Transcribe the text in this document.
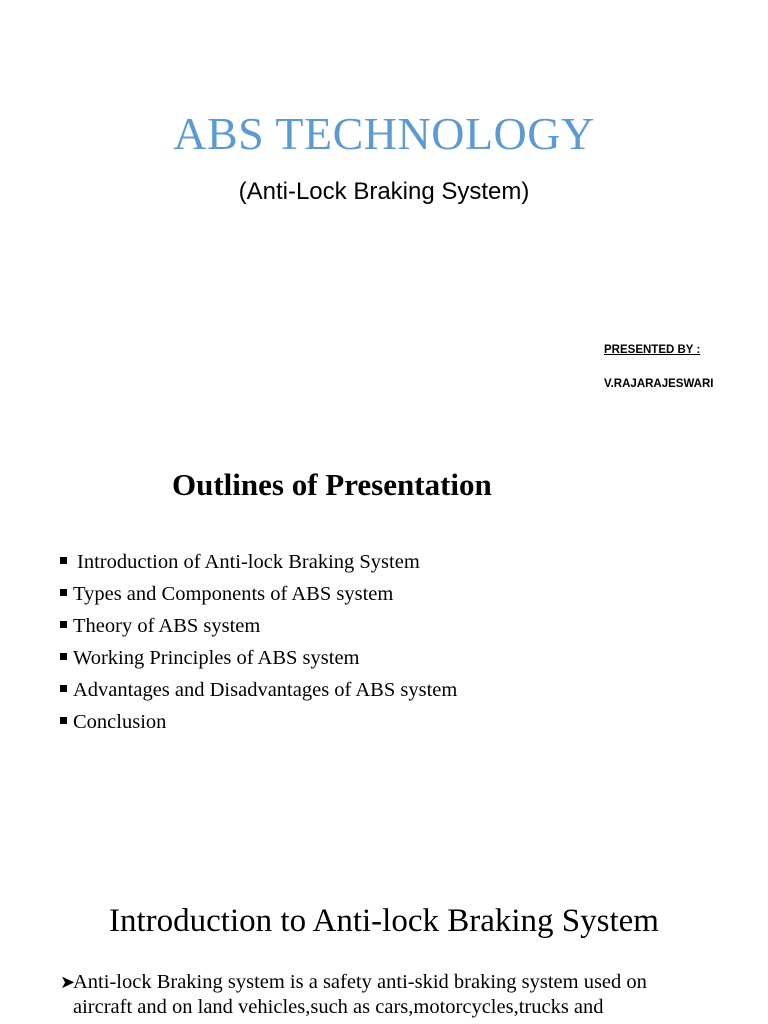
ABS TECHNOLOGY
(Anti-Lock Braking System)
PRESENTED BY :
V.RAJARAJESWARI
Outlines of Presentation
Introduction of Anti-lock Braking System
Types and Components of ABS system
Theory of ABS system
Working Principles of ABS system
Advantages and Disadvantages of ABS system
Conclusion
Introduction to Anti-lock Braking System
➤Anti-lock Braking system is a safety anti-skid braking system used on
aircraft and on land vehicles,such as cars,motorcycles,trucks and
